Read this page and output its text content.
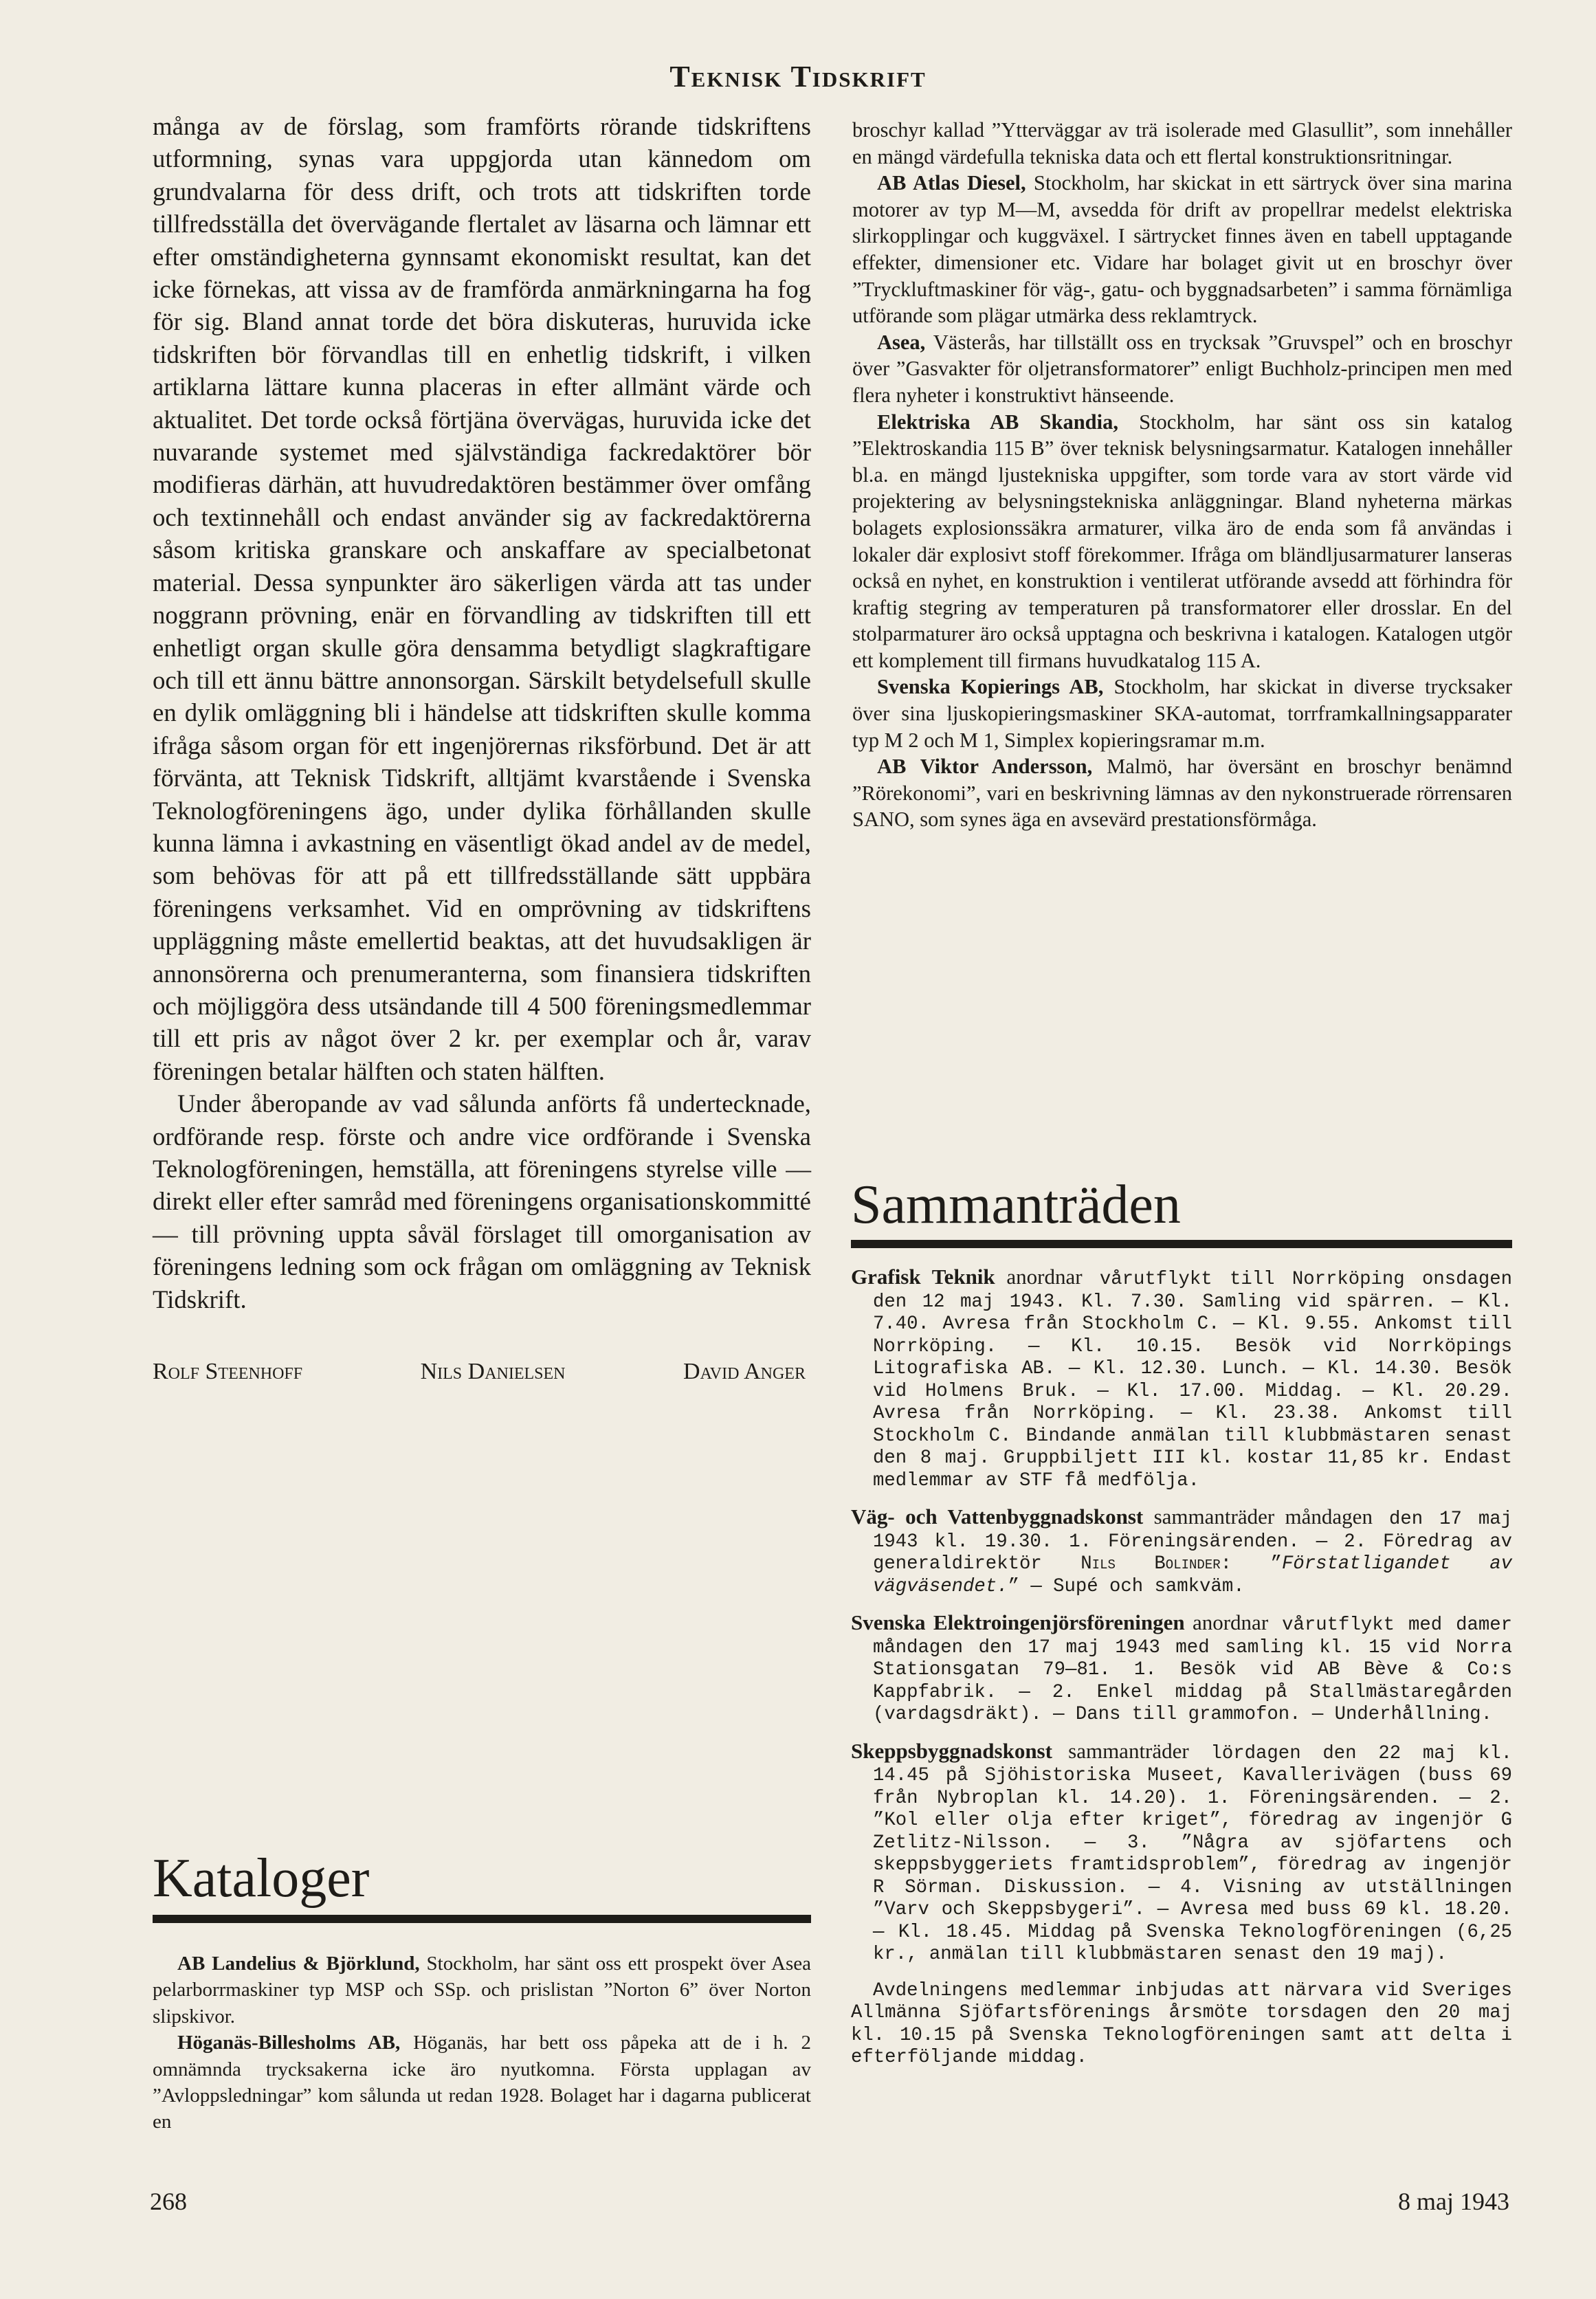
Teknisk Tidskrift

många av de förslag, som framförts rörande tidskriftens utformning, synas vara uppgjorda utan kännedom om grundvalarna för dess drift, och trots att tidskriften torde tillfredsställa det övervägande flertalet av läsarna och lämnar ett efter omständigheterna gynnsamt ekonomiskt resultat, kan det icke förnekas, att vissa av de framförda anmärkningarna ha fog för sig. Bland annat torde det böra diskuteras, huruvida icke tidskriften bör förvandlas till en enhetlig tidskrift, i vilken artiklarna lättare kunna placeras in efter allmänt värde och aktualitet. Det torde också förtjäna övervägas, huruvida icke det nuvarande systemet med självständiga fackredaktörer bör modifieras därhän, att huvudredaktören bestämmer över omfång och textinnehåll och endast använder sig av fackredaktörerna såsom kritiska granskare och anskaffare av specialbetonat material. Dessa synpunkter äro säkerligen värda att tas under noggrann prövning, enär en förvandling av tidskriften till ett enhetligt organ skulle göra densamma betydligt slagkraftigare och till ett ännu bättre annonsorgan. Särskilt betydelsefull skulle en dylik omläggning bli i händelse att tidskriften skulle komma ifråga såsom organ för ett ingenjörernas riksförbund. Det är att förvänta, att Teknisk Tidskrift, alltjämt kvarstående i Svenska Teknologföreningens ägo, under dylika förhållanden skulle kunna lämna i avkastning en väsentligt ökad andel av de medel, som behövas för att på ett tillfredsställande sätt uppbära föreningens verksamhet. Vid en omprövning av tidskriftens uppläggning måste emellertid beaktas, att det huvudsakligen är annonsörerna och prenumeranterna, som finansiera tidskriften och möjliggöra dess utsändande till 4 500 föreningsmedlemmar till ett pris av något över 2 kr. per exemplar och år, varav föreningen betalar hälften och staten hälften.

Under åberopande av vad sålunda anförts få undertecknade, ordförande resp. förste och andre vice ordförande i Svenska Teknologföreningen, hemställa, att föreningens styrelse ville — direkt eller efter samråd med föreningens organisationskommitté — till prövning uppta såväl förslaget till omorganisation av föreningens ledning som ock frågan om omläggning av Teknisk Tidskrift.

Rolf Steenhoff	Nils Danielsen	David Anger
Kataloger

AB Landelius & Björklund, Stockholm, har sänt oss ett prospekt över Asea pelarborrmaskiner typ MSP och SSp. och prislistan ”Norton 6” över Norton slipskivor.

Höganäs-Billesholms AB, Höganäs, har bett oss påpeka att de i h. 2 omnämnda trycksakerna icke äro nyutkomna. Första upplagan av ”Avloppsledningar” kom sålunda ut redan 1928. Bolaget har i dagarna publicerat en

broschyr kallad ”Ytterväggar av trä isolerade med Glasullit”, som innehåller en mängd värdefulla tekniska data och ett flertal konstruktionsritningar.

AB Atlas Diesel, Stockholm, har skickat in ett särtryck över sina marina motorer av typ M—M, avsedda för drift av propellrar medelst elektriska slirkopplingar och kuggväxel. I särtrycket finnes även en tabell upptagande effekter, dimensioner etc. Vidare har bolaget givit ut en broschyr över ”Tryckluftmaskiner för väg-, gatu- och byggnadsarbeten” i samma förnämliga utförande som plägar utmärka dess reklamtryck.

Asea, Västerås, har tillställt oss en trycksak ”Gruvspel” och en broschyr över ”Gasvakter för oljetransformatorer” enligt Buchholz-principen men med flera nyheter i konstruktivt hänseende.

Elektriska AB Skandia, Stockholm, har sänt oss sin katalog ”Elektroskandia 115 B” över teknisk belysningsarmatur. Katalogen innehåller bl.a. en mängd ljustekniska uppgifter, som torde vara av stort värde vid projektering av belysningstekniska anläggningar. Bland nyheterna märkas bolagets explosionssäkra armaturer, vilka äro de enda som få användas i lokaler där explosivt stoff förekommer. Ifråga om bländljusarmaturer lanseras också en nyhet, en konstruktion i ventilerat utförande avsedd att förhindra för kraftig stegring av temperaturen på transformatorer eller drosslar. En del stolparmaturer äro också upptagna och beskrivna i katalogen. Katalogen utgör ett komplement till firmans huvudkatalog 115 A.

Svenska Kopierings AB, Stockholm, har skickat in diverse trycksaker över sina ljuskopieringsmaskiner SKA-automat, torrframkallningsapparater typ M 2 och M 1, Simplex kopieringsramar m.m.

AB Viktor Andersson, Malmö, har översänt en broschyr benämnd ”Rörekonomi”, vari en beskrivning lämnas av den nykonstruerade rörrensaren SANO, som synes äga en avsevärd prestationsförmåga.

Sammanträden

Grafisk Teknik anordnar vårutflykt till Norrköping onsdagen den 12 maj 1943. Kl. 7.30. Samling vid spärren. — Kl. 7.40. Avresa från Stockholm C. — Kl. 9.55. Ankomst till Norrköping. — Kl. 10.15. Besök vid Norrköpings Litografiska AB. — Kl. 12.30. Lunch. — Kl. 14.30. Besök vid Holmens Bruk. — Kl. 17.00. Middag. — Kl. 20.29. Avresa från Norrköping. — Kl. 23.38. Ankomst till Stockholm C. Bindande anmälan till klubbmästaren senast den 8 maj. Gruppbiljett III kl. kostar 11,85 kr. Endast medlemmar av STF få medfölja.

Väg- och Vattenbyggnadskonst sammanträder måndagen den 17 maj 1943 kl. 19.30. 1. Föreningsärenden. — 2. Föredrag av generaldirektör Nils Bolinder: ”Förstatligandet av vägväsendet.” — Supé och samkväm.

Svenska Elektroingenjörsföreningen anordnar vårutflykt med damer måndagen den 17 maj 1943 med samling kl. 15 vid Norra Stationsgatan 79—81. 1. Besök vid AB Bève & Co:s Kappfabrik. — 2. Enkel middag på Stallmästaregården (vardagsdräkt). — Dans till grammofon. — Underhållning.

Skeppsbyggnadskonst sammanträder lördagen den 22 maj kl. 14.45 på Sjöhistoriska Museet, Kavallerivägen (buss 69 från Nybroplan kl. 14.20). 1. Föreningsärenden. — 2. ”Kol eller olja efter kriget”, föredrag av ingenjör G Zetlitz-Nilsson. — 3. ”Några av sjöfartens och skeppsbyggeriets framtidsproblem”, föredrag av ingenjör R Sörman. Diskussion. — 4. Visning av utställningen ”Varv och Skeppsbygeri”. — Avresa med buss 69 kl. 18.20. — Kl. 18.45. Middag på Svenska Teknologföreningen (6,25 kr., anmälan till klubbmästaren senast den 19 maj).

Avdelningens medlemmar inbjudas att närvara vid Sveriges Allmänna Sjöfartsförenings årsmöte torsdagen den 20 maj kl. 10.15 på Svenska Teknologföreningen samt att delta i efterföljande middag.

268	8 maj 1943
